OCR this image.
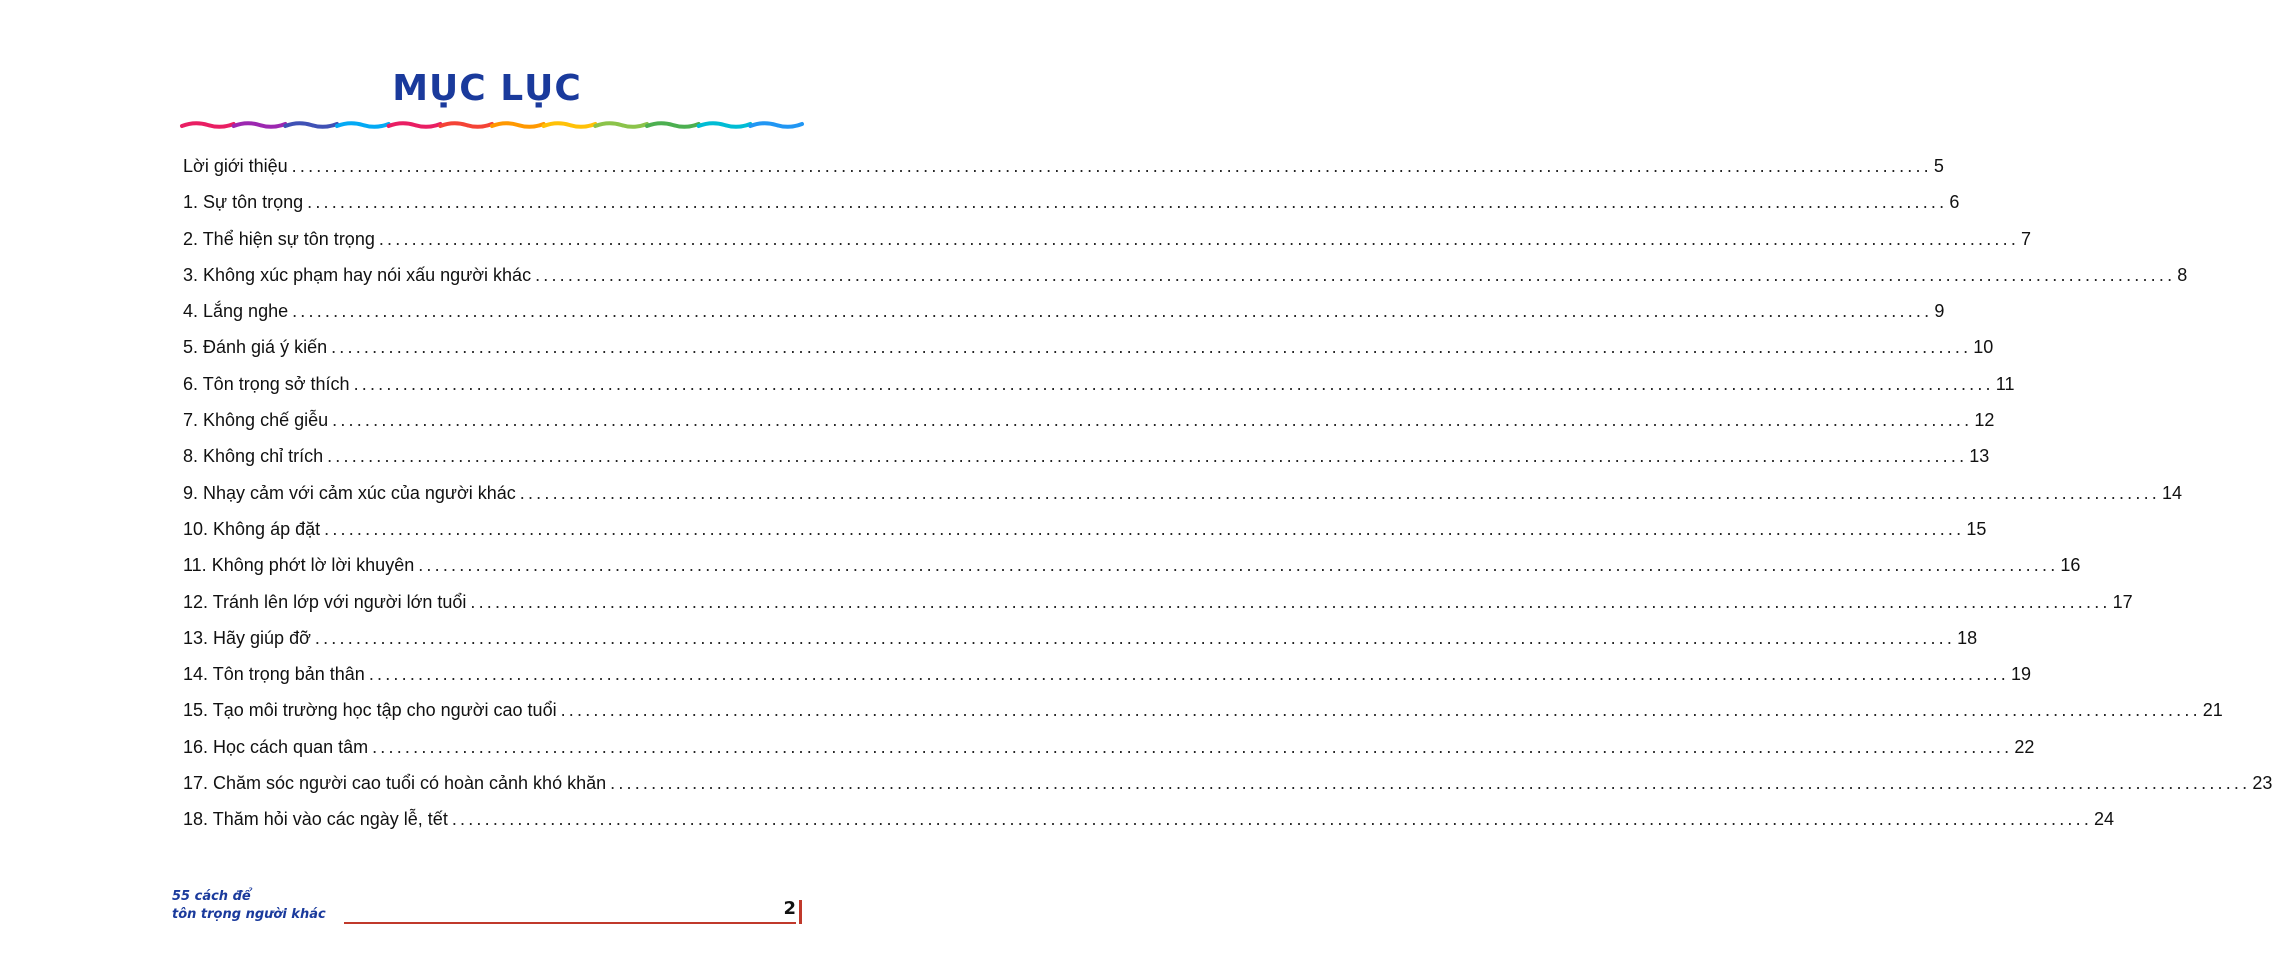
MỤC LỤC
Lời giới thiệu ........................................................................................................................................................................................................ 5
1. Sự tôn trọng ........................................................................................................................................................................................................ 6
2. Thể hiện sự tôn trọng ........................................................................................................................................................................................................ 7
3. Không xúc phạm hay nói xấu người khác ........................................................................................................................................................................................................ 8
4. Lắng nghe ........................................................................................................................................................................................................ 9
5. Đánh giá ý kiến ........................................................................................................................................................................................................ 10
6. Tôn trọng sở thích ........................................................................................................................................................................................................ 11
7. Không chế giễu ........................................................................................................................................................................................................ 12
8. Không chỉ trích ........................................................................................................................................................................................................ 13
9. Nhạy cảm với cảm xúc của người khác ........................................................................................................................................................................................................ 14
10. Không áp đặt ........................................................................................................................................................................................................ 15
11. Không phớt lờ lời khuyên ........................................................................................................................................................................................................ 16
12. Tránh lên lớp với người lớn tuổi ........................................................................................................................................................................................................ 17
13. Hãy giúp đỡ ........................................................................................................................................................................................................ 18
14. Tôn trọng bản thân ........................................................................................................................................................................................................ 19
15. Tạo môi trường học tập cho người cao tuổi ........................................................................................................................................................................................................ 21
16. Học cách quan tâm ........................................................................................................................................................................................................ 22
17. Chăm sóc người cao tuổi có hoàn cảnh khó khăn ........................................................................................................................................................................................................ 23
18. Thăm hỏi vào các ngày lễ, tết ........................................................................................................................................................................................................ 24
55 cách để
tôn trọng người khác	2
